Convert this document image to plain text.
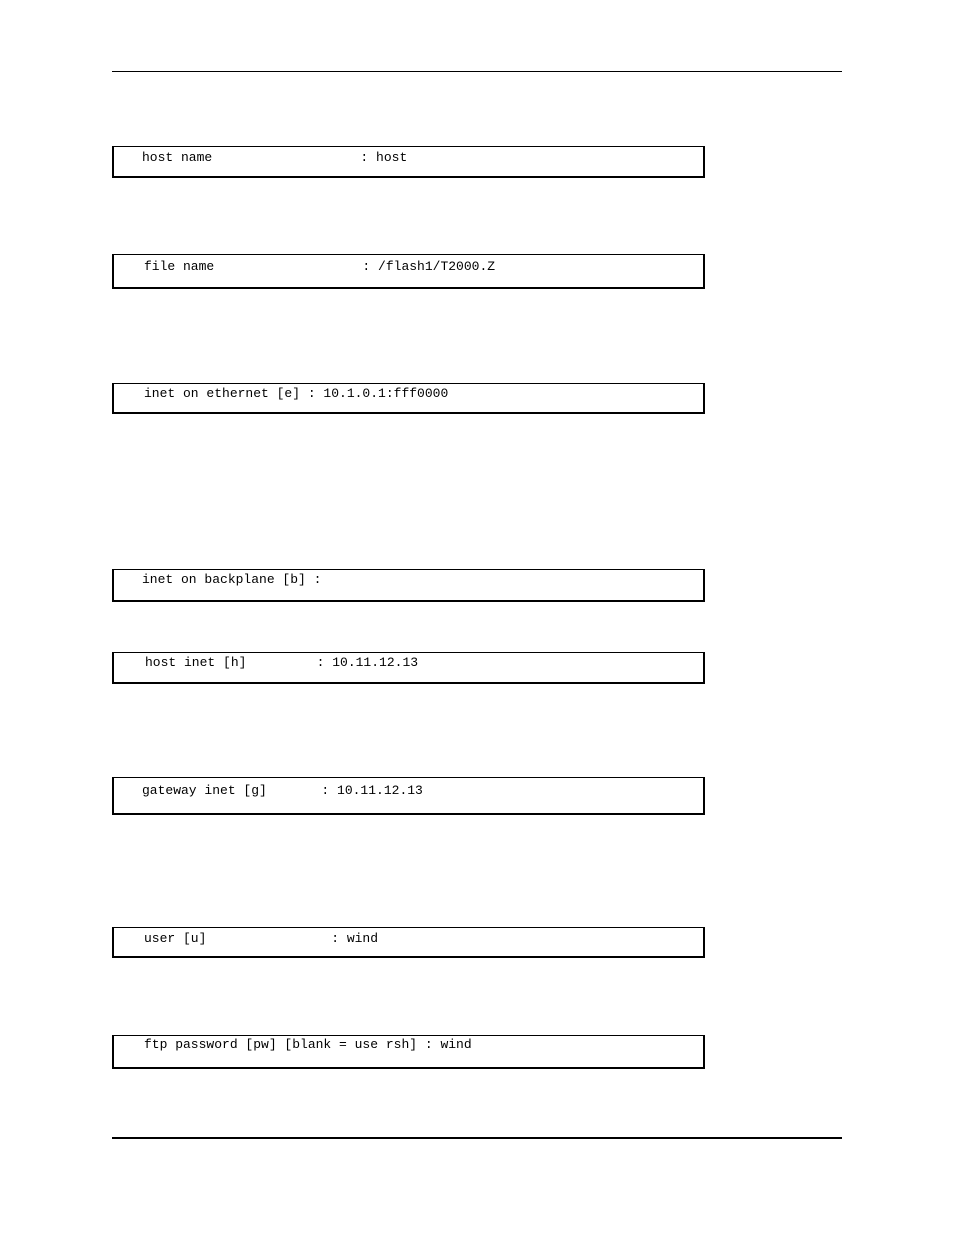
host name                   : host
file name                   : /flash1/T2000.Z
inet on ethernet [e] : 10.1.0.1:fff0000
inet on backplane [b] :
host inet [h]         : 10.11.12.13
gateway inet [g]       : 10.11.12.13
user [u]                : wind
ftp password [pw] [blank = use rsh] : wind
